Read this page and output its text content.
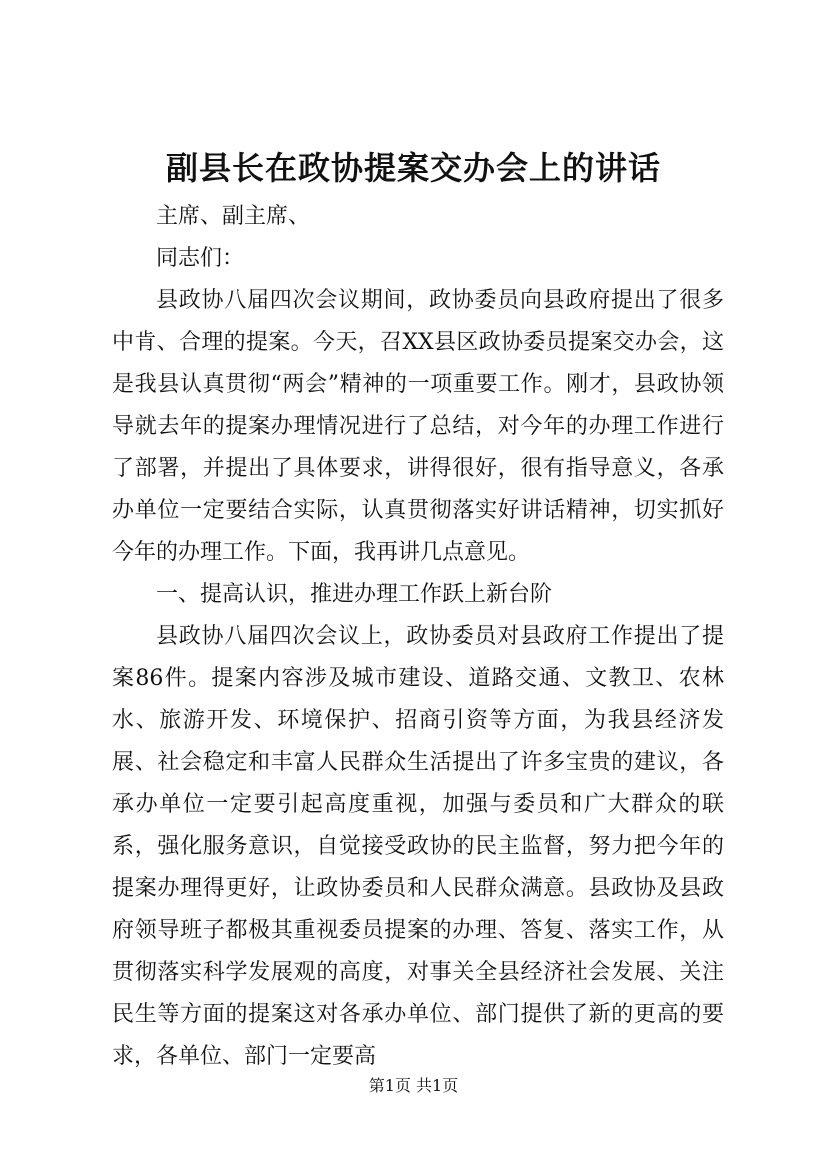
副县长在政协提案交办会上的讲话

主席、副主席、

同志们：

县政协八届四次会议期间，政协委员向县政府提出了很多中肯、合理的提案。今天，召XX县区政协委员提案交办会，这是我县认真贯彻“两会”精神的一项重要工作。刚才，县政协领导就去年的提案办理情况进行了总结，对今年的办理工作进行了部署，并提出了具体要求，讲得很好，很有指导意义，各承办单位一定要结合实际，认真贯彻落实好讲话精神，切实抓好今年的办理工作。下面，我再讲几点意见。

一、提高认识，推进办理工作跃上新台阶

县政协八届四次会议上，政协委员对县政府工作提出了提案86件。提案内容涉及城市建设、道路交通、文教卫、农林水、旅游开发、环境保护、招商引资等方面，为我县经济发展、社会稳定和丰富人民群众生活提出了许多宝贵的建议，各承办单位一定要引起高度重视，加强与委员和广大群众的联系，强化服务意识，自觉接受政协的民主监督，努力把今年的提案办理得更好，让政协委员和人民群众满意。县政协及县政府领导班子都极其重视委员提案的办理、答复、落实工作，从贯彻落实科学发展观的高度，对事关全县经济社会发展、关注民生等方面的提案这对各承办单位、部门提供了新的更高的要求，各单位、部门一定要高

第1页 共1页
